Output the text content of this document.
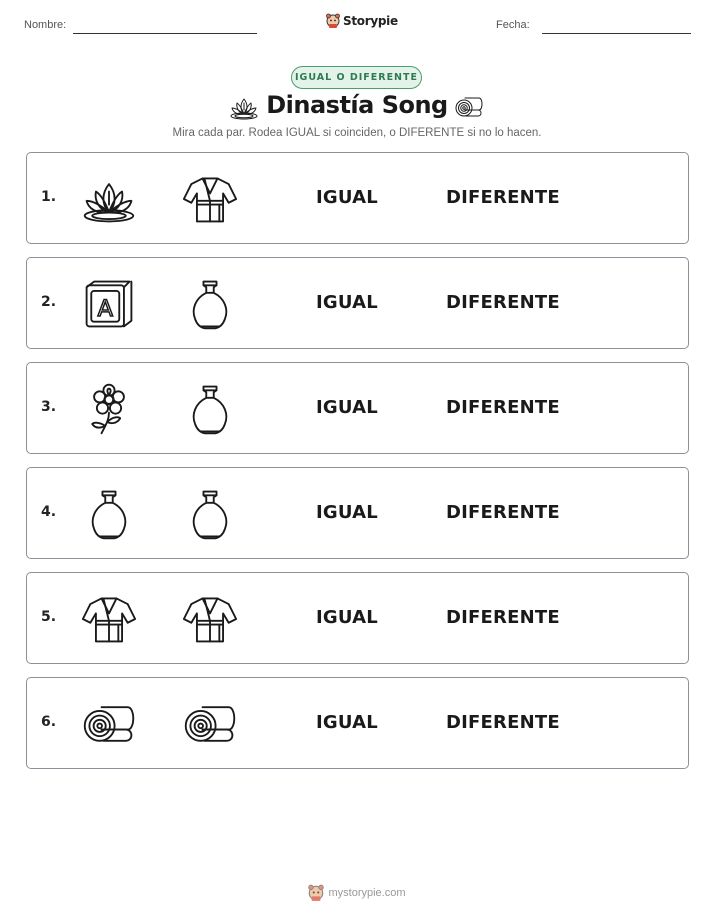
Nombre:	Storypie	Fecha:
IGUAL O DIFERENTE
Dinastía Song
Mira cada par. Rodea IGUAL si coinciden, o DIFERENTE si no lo hacen.
1.	IGUAL	DIFERENTE
2. A	IGUAL	DIFERENTE
3.	IGUAL	DIFERENTE
4.	IGUAL	DIFERENTE
5.	IGUAL	DIFERENTE
6.	IGUAL	DIFERENTE
mystorypie.com
